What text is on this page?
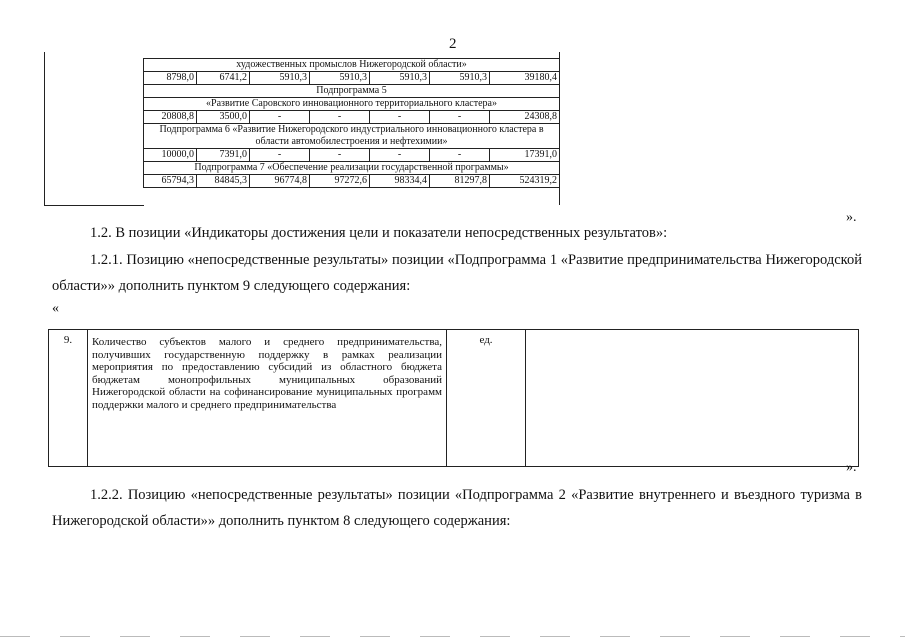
2
художественных промыслов Нижегородской области»						
8798,0	6741,2	5910,3	5910,3	5910,3	5910,3	39180,4
Подпрограмма 5						
«Развитие Саровского инновационного территориального кластера»						
20808,8	3500,0	-	-	-	-	24308,8
Подпрограмма 6 «Развитие Нижегородского индустриального инновационного кластера в области автомобилестроения и нефтехимии»						
10000,0	7391,0	-	-	-	-	17391,0
Подпрограмма 7 «Обеспечение реализации государственной программы»						
65794,3	84845,3	96774,8	97272,6	98334,4	81297,8	524319,2
».
1.2. В позиции «Индикаторы достижения цели и показатели непосредственных результатов»:
1.2.1. Позицию «непосредственные результаты» позиции «Подпрограмма 1 «Развитие предпринимательства Нижегородской области»» дополнить пунктом 9 следующего содержания:
«
9.	Количество субъектов малого и среднего предпринимательства, получивших государственную поддержку в рамках реализации мероприятия по предоставлению субсидий из областного бюджета бюджетам монопрофильных муниципальных образований Нижегородской области на софинансирование муниципальных программ поддержки малого и среднего предпринимательства	ед.	
».
1.2.2. Позицию «непосредственные результаты» позиции «Подпрограмма 2 «Развитие внутреннего и въездного туризма в Нижегородской области»» дополнить пунктом 8 следующего содержания:
